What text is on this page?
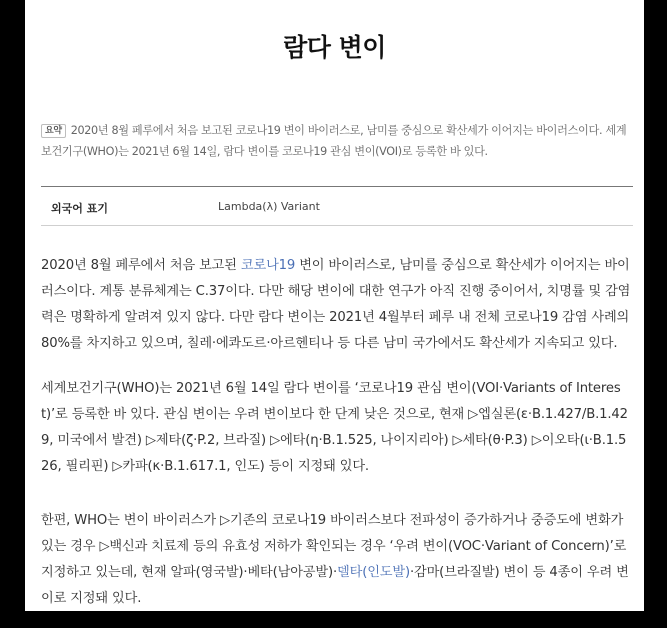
람다 변이
요약 2020년 8월 페루에서 처음 보고된 코로나19 변이 바이러스로, 남미를 중심으로 확산세가 이어지는 바이러스이다. 세계보건기구(WHO)는 2021년 6월 14일, 람다 변이를 코로나19 관심 변이(VOI)로 등록한 바 있다.
외국어 표기	Lambda(λ) Variant
2020년 8월 페루에서 처음 보고된 코로나19 변이 바이러스로, 남미를 중심으로 확산세가 이어지는 바이러스이다. 계통 분류체계는 C.37이다. 다만 해당 변이에 대한 연구가 아직 진행 중이어서, 치명률 및 감염력은 명확하게 알려져 있지 않다. 다만 람다 변이는 2021년 4월부터 페루 내 전체 코로나19 감염 사례의 80%를 차지하고 있으며, 칠레·에콰도르·아르헨티나 등 다른 남미 국가에서도 확산세가 지속되고 있다.
세계보건기구(WHO)는 2021년 6월 14일 람다 변이를 ‘코로나19 관심 변이(VOI·Variants of Interest)’로 등록한 바 있다. 관심 변이는 우려 변이보다 한 단계 낮은 것으로, 현재 ▷엡실론(ε·B.1.427/B.1.429, 미국에서 발견) ▷제타(ζ·P.2, 브라질) ▷에타(η·B.1.525, 나이지리아) ▷세타(θ·P.3) ▷이오타(ι·B.1.526, 필리핀) ▷카파(κ·B.1.617.1, 인도) 등이 지정돼 있다.
한편, WHO는 변이 바이러스가 ▷기존의 코로나19 바이러스보다 전파성이 증가하거나 중증도에 변화가 있는 경우 ▷백신과 치료제 등의 유효성 저하가 확인되는 경우 ‘우려 변이(VOC·Variant of Concern)’로 지정하고 있는데, 현재 알파(영국발)·베타(남아공발)·델타(인도발)·감마(브라질발) 변이 등 4종이 우려 변이로 지정돼 있다.
